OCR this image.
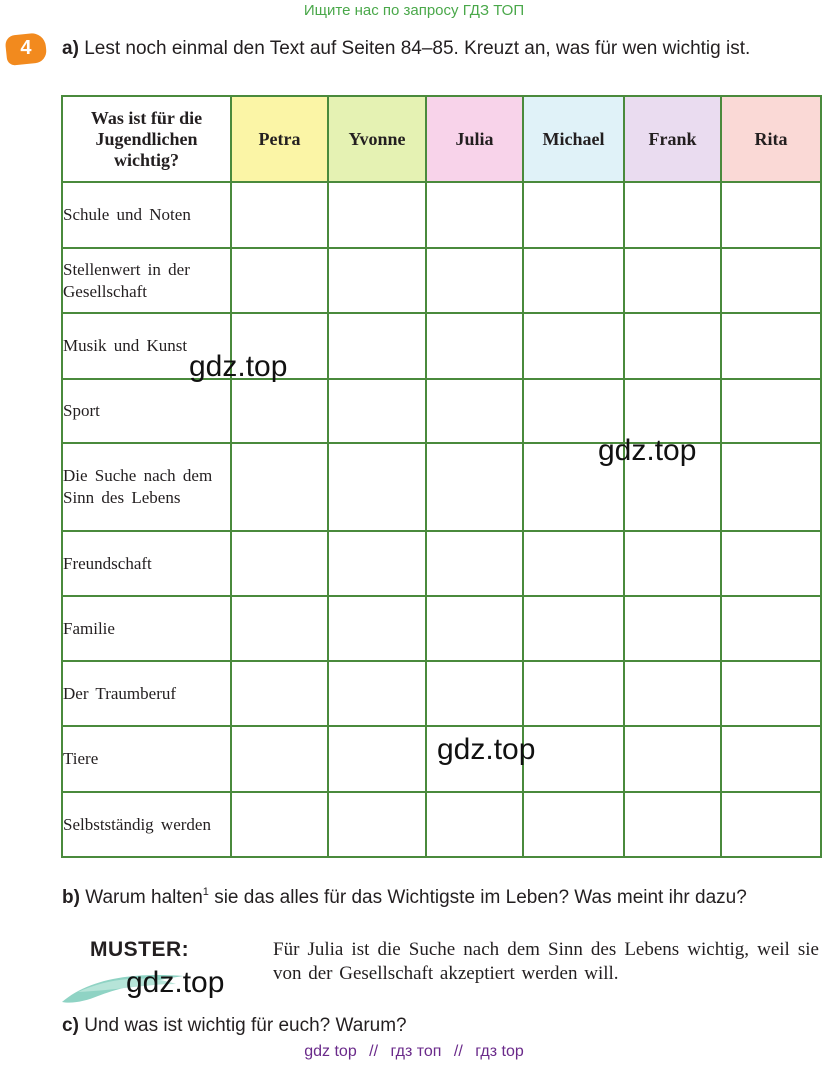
Ищите нас по запросу ГДЗ ТОП
4	a) Lest noch einmal den Text auf Seiten 84–85. Kreuzt an, was für wen wichtig ist.
Was ist für die Jugendlichen wichtig?	Petra	Yvonne	Julia	Michael	Frank	Rita
Schule und Noten						
Stellenwert in der Gesellschaft						
Musik und Kunst						
Sport						
Die Suche nach dem Sinn des Lebens						
Freundschaft						
Familie						
Der Traumberuf						
Tiere						
Selbstständig werden						
gdz.top
gdz.top
gdz.top
b) Warum halten$^1$ sie das alles für das Wichtigste im Leben? Was meint ihr dazu?
MUSTER:	Für Julia ist die Suche nach dem Sinn des Lebens wichtig, weil sie von der Gesellschaft akzeptiert werden will.
gdz.top
c) Und was ist wichtig für euch? Warum?
gdz top // гдз топ // гдз top
